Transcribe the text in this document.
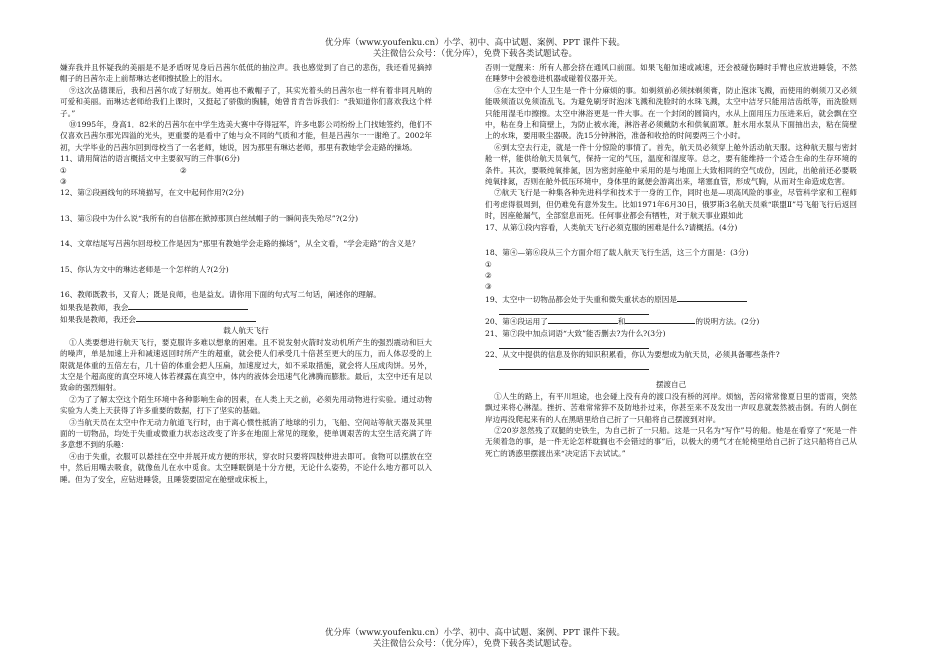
优分库（www.youfenku.cn）小学、初中、高中试题、案例、PPT 课件下载。
关注微信公众号：（优分库），免费下载各类试题试卷。

嫌弃我并且怀疑我的美丽是不是矛盾呀见身后吕茜尔低低的抽泣声。我也感觉到了自己的悲伤，我还看见摘掉帽子的吕茜尔走上前帮琳达老师擦拭脸上的泪水。

⑨这次品德课后，我和吕茜尔成了好朋友。她再也不戴帽子了，其实光着头的吕茜尔也一样有着非同凡响的可爱和美丽。而琳达老师给我们上课时，又挺起了骄傲的胸脯，她曾肯肯告诉我们：“我知道你们喜欢我这个样子。”

⑩1995年，身高1．82米的吕茜尔在中学生选美大赛中夺得冠军，许多电影公司纷纷上门找她签约，他们不仅喜欢吕茜尔那光四溢的光头，更重要的是看中了她与众不同的气质和才能，但是吕茜尔一一谢绝了。2002年初，大学毕业的吕茜尔回到母校当了一名老师，她说，因为那里有琳达老师，那里有教她学会走路的操场。

11、请用简洁的语言概括文中主要叙写的三件事(6分)

①	②

③

12、第②段画线句的环境描写，在文中起何作用?(2分)

13、第⑤段中为什么说“我所有的自信都在掀掉那顶白丝绒帽子的一瞬间丧失殆尽”?(2分)

14、文章结尾写吕茜尔回母校工作是因为“那里有教她学会走路的操场”，从全文看，“学会走路”的含义是？

15、你认为文中的琳达老师是一个怎样的人?(2分)

16、教师既教书，又育人；既是良师，也是益友。请你用下面的句式写二句话，阐述你的理解。

如果我是教师，我会

如果我是教师，我还会

载人航天飞行

①人类要想进行航天飞行，要克服许多难以想象的困难。且不说发射火箭时发动机所产生的强烈震动和巨大的噪声，单是加速上升和减速返回时所产生的超重，就会使人们承受几十倍甚至更大的压力，而人体忍受的上限就是体重的五倍左右，几十倍的体重会把人压扁，加速度过大，如不采取措施，就会将人压成肉饼。另外，太空是个超高度的真空环境人体若裸露在真空中，体内的液体会迅速气化沸腾而膨胀。最后，太空中还有足以致命的强烈辐射。

②为了了解太空这个陌生环境中各种影响生命的因素，在人类上天之前，必须先用动物进行实验。通过动物实验为人类上天获得了许多重要的数据，打下了坚实的基础。

③当航天员在太空中作无动力航道飞行时，由于离心惯性抵消了地球的引力，飞船、空间站等航天器及其里面的一切物品，均处于失重或微重力状态这改变了许多在地面上常见的现象，使单调艰苦的太空生活充满了许多意想不到的乐趣：

④由于失重，衣服可以悬挂在空中并展开成方便的形状，穿衣时只要将四肢伸进去即可。食物可以摆放在空中，然后用嘴去吸食，就像鱼儿在水中觅食。太空睡眠倒是十分方便，无论什么姿势，不论什么地方都可以入睡。但为了安全，应钻进睡袋，且睡袋要固定在舱壁或床板上，

否则一觉醒来：所有人都会挤在通风口前面。如果飞船加速或减速，还会被碰伤睡时手臂也应放进睡袋，不然在睡梦中会被卷进机器或碰着仪器开关。

⑤在太空中个人卫生是一件十分麻烦的事。如剃须前必须抹剃须膏，防止泡沫飞溅，而使用的剃须刀又必须能吸须渣以免须渣乱飞。为避免刷牙时泡沫飞溅和洗脸时的水珠飞溅，太空中洁牙只能用洁齿纸等，而洗脸则只能用湿毛巾擦擦。太空中淋浴更是一件大事。在一个封闭的圆筒内，水从上面用压力压进来后，就会飘在空中，粘在身上和筒壁上，为防止被水淹，淋浴者必须戴防水和供氧面罩。脏水用水泵从下面抽出去，粘在筒壁上的水珠，要用吸尘器吸。洗15分钟淋浴，准备和收拾的时间要两三个小时。

⑥到太空去行走，就是一件十分惊险的事情了。首先，航天员必须穿上舱外活动航天服。这种航天服与密封舱一样，能供给航天员氧气，保持一定的气压，温度和湿度等。总之，要有能维持一个适合生命的生存环境的条件。其次，要吸纯氧排氮，因为密封座舱中采用的是与地面上大致相同的空气成份，因此，出舱前还必要吸纯氧排氮，否则在舱外低压环境中，身体里的氮便会游离出来，堵塞血管，形成气胸，从而对生命造成危害。

⑦航天飞行是一种集各种先进科学和技术于一身的工作，同时也是—项高风险的事业，尽管科学家和工程师们考虑得很周到，但仍难免有意外发生。比如1971年6月30日，俄罗斯3名航天员乘“联盟Ⅱ”号飞船飞行后返回时，因座舱漏气，全部窒息而死。任何事业都会有牺牲，对于航天事业跟如此

17、从第①段内容看，人类航天飞行必须克服的困难是什么?请概括。(4分)

18、第④—第⑥段从三个方面介绍了载人航天飞行生活，这三个方面是：(3分)

①

②

③

19、太空中一切物品都会处于失重和微失重状态的原因是

20、第④段运用了	和	的说明方法。(2分)

21、第⑦段中加点词语“大致”能否删去?为什么?(3分)

22、从文中提供的信息及你的知识积累看，你认为要想成为航天员，必须具备哪些条件?

摆渡自己

①人生的路上，有平川坦途，也会碰上没有舟的渡口没有桥的河岸。烦恼，苦闷常常像夏日里的雷雨，突然飘过来将心淋湿。挫折、苦难常常猝不及防地扑过来，你甚至来不及发出一声叹息就轰然被击倒。有的人倒在岸边再没爬起来有的人在黑暗里给自己折了一只船将自己摆渡到对岸。

②20岁忽然残了双腿的史铁生，为自己折了一只船。这是一只名为“写作”号的船。他是在看穿了“死是一件无须着急的事，是一件无论怎样耽搁也不会错过的事”后，以极大的勇气才在轮椅里给自己折了这只船将自己从死亡的诱惑里摆渡出来“决定活下去试试。”

优分库（www.youfenku.cn）小学、初中、高中试题、案例、PPT 课件下载。
关注微信公众号：（优分库），免费下载各类试题试卷。
